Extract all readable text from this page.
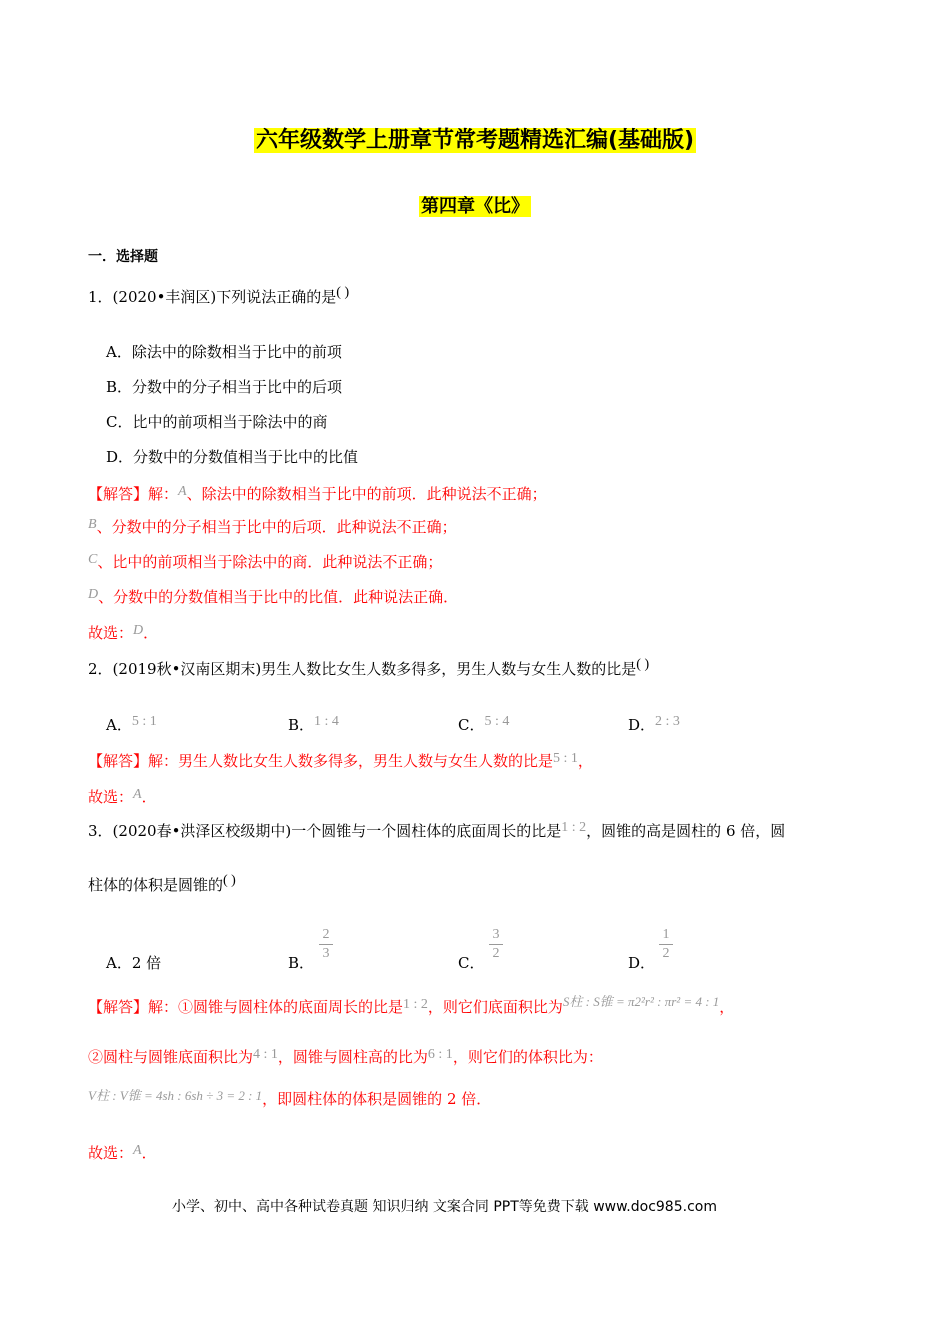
六年级数学上册章节常考题精选汇编(基础版)
第四章《比》
一．选择题
1．(2020•丰润区)下列说法正确的是( )
A．除法中的除数相当于比中的前项
B．分数中的分子相当于比中的后项
C．比中的前项相当于除法中的商
D．分数中的分数值相当于比中的比值
【解答】解：A、除法中的除数相当于比中的前项．此种说法不正确；
B、分数中的分子相当于比中的后项．此种说法不正确；
C、比中的前项相当于除法中的商．此种说法不正确；
D、分数中的分数值相当于比中的比值．此种说法正确．
故选：D．
2．(2019秋•汉南区期末)男生人数比女生人数多得多，男生人数与女生人数的比是( )
A．5 : 1	B．1 : 4	C．5 : 4	D．2 : 3
【解答】解：男生人数比女生人数多得多，男生人数与女生人数的比是5 : 1，
故选：A．
3．(2020春•洪泽区校级期中)一个圆锥与一个圆柱体的底面周长的比是1 : 2，圆锥的高是圆柱的 6 倍，圆
柱体的体积是圆锥的( )
A．2 倍	B．
2
3
C．
3
2
D．
1
2
【解答】解：①圆锥与圆柱体的底面周长的比是1 : 2，则它们底面积比为S柱 : S锥 = π2²r² : πr² = 4 : 1，
②圆柱与圆锥底面积比为4 : 1，圆锥与圆柱高的比为6 : 1，则它们的体积比为：
V柱 : V锥 = 4sh : 6sh ÷ 3 = 2 : 1，即圆柱体的体积是圆锥的 2 倍．
故选：A．
小学、初中、高中各种试卷真题 知识归纳 文案合同 PPT等免费下载 www.doc985.com
